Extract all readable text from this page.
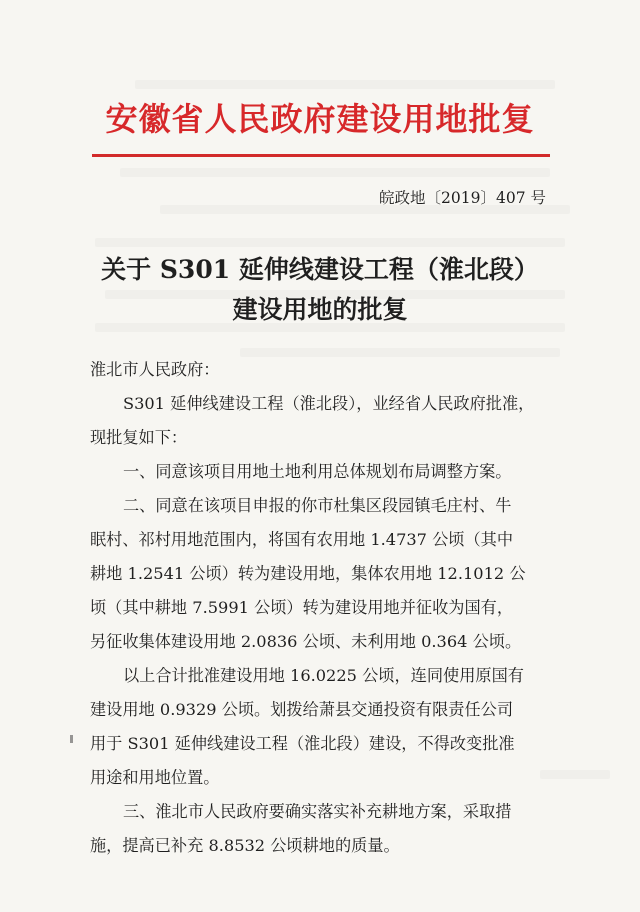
安徽省人民政府建设用地批复
皖政地〔2019〕407 号
关于 S301 延伸线建设工程（淮北段）
建设用地的批复
淮北市人民政府：
S301 延伸线建设工程（淮北段），业经省人民政府批准，
现批复如下：
一、同意该项目用地土地利用总体规划布局调整方案。
二、同意在该项目申报的你市杜集区段园镇毛庄村、牛
眠村、祁村用地范围内，将国有农用地 1.4737 公顷（其中
耕地 1.2541 公顷）转为建设用地，集体农用地 12.1012 公
顷（其中耕地 7.5991 公顷）转为建设用地并征收为国有，
另征收集体建设用地 2.0836 公顷、未利用地 0.364 公顷。
以上合计批准建设用地 16.0225 公顷，连同使用原国有
建设用地 0.9329 公顷。划拨给萧县交通投资有限责任公司
用于 S301 延伸线建设工程（淮北段）建设，不得改变批准
用途和用地位置。
三、淮北市人民政府要确实落实补充耕地方案，采取措
施，提高已补充 8.8532 公顷耕地的质量。
